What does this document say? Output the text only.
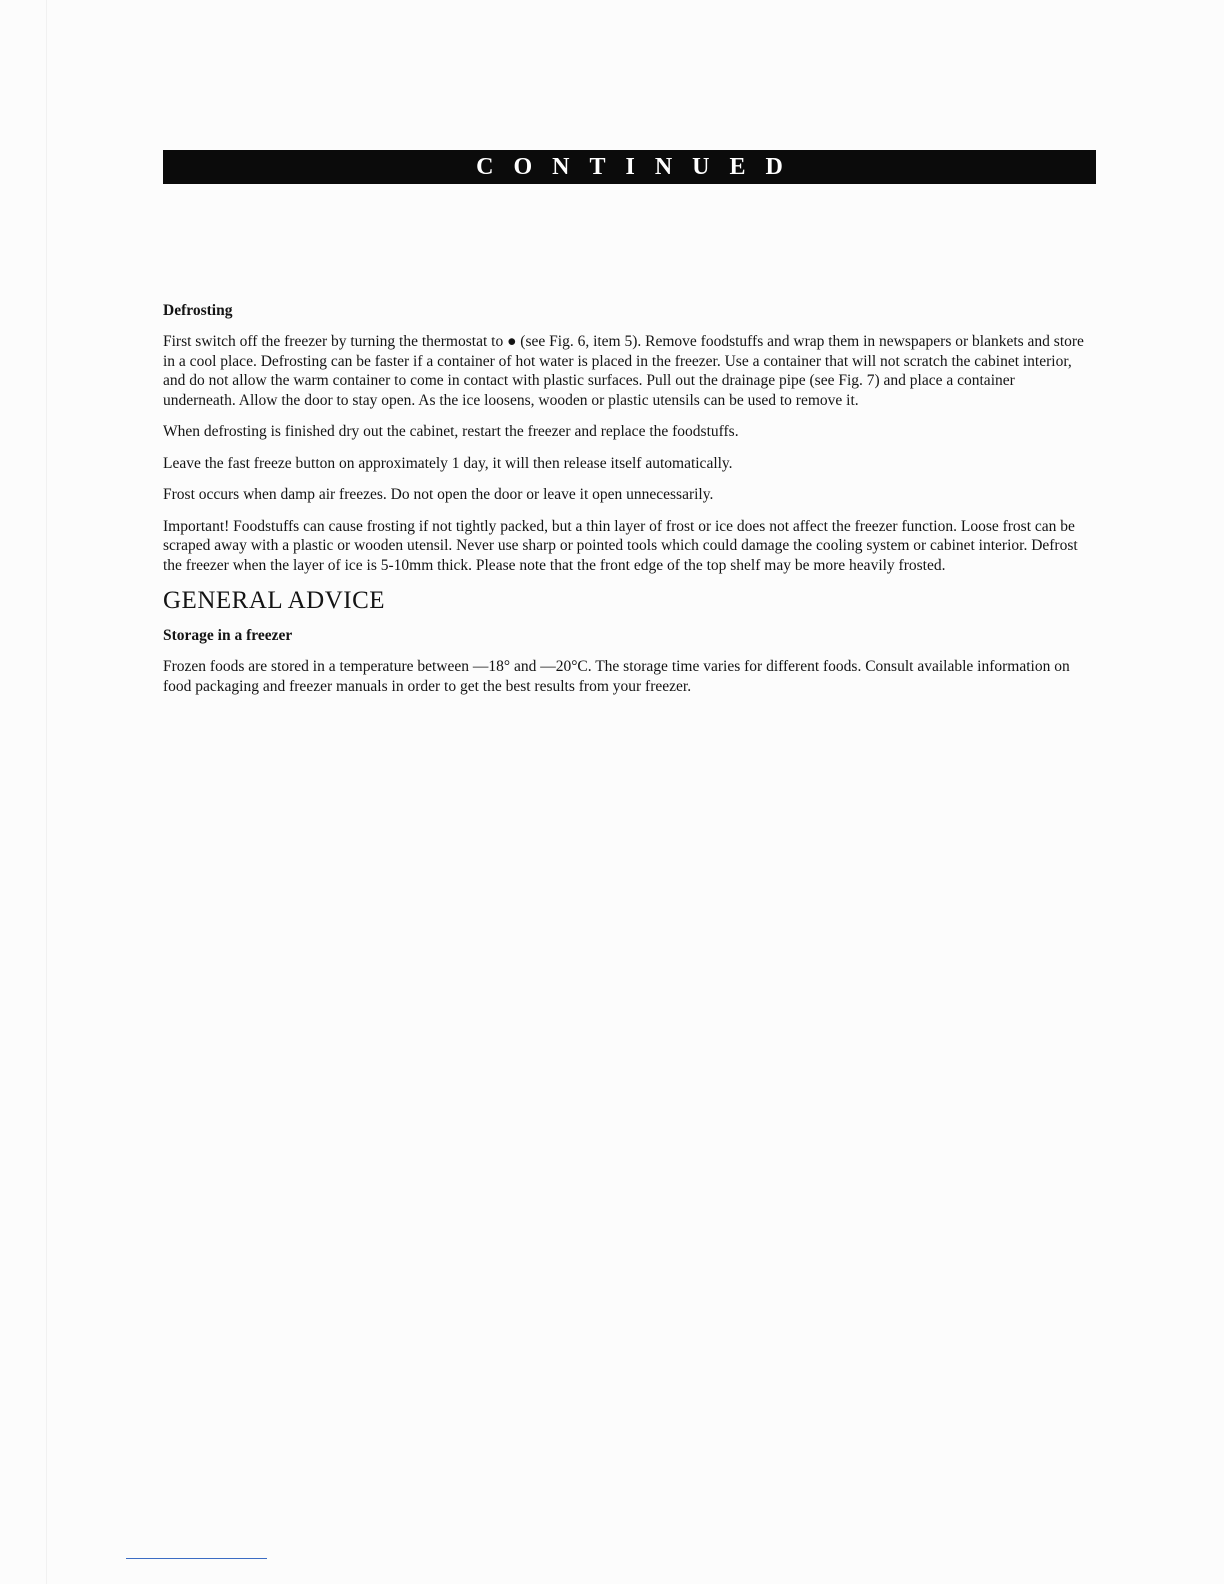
CONTINUED
Defrosting

First switch off the freezer by turning the thermostat to ● (see Fig. 6, item 5). Remove foodstuffs and wrap them in newspapers or blankets and store in a cool place. Defrosting can be faster if a container of hot water is placed in the freezer. Use a container that will not scratch the cabinet interior, and do not allow the warm container to come in contact with plastic surfaces. Pull out the drainage pipe (see Fig. 7) and place a container underneath. Allow the door to stay open. As the ice loosens, wooden or plastic utensils can be used to remove it.

When defrosting is finished dry out the cabinet, restart the freezer and replace the foodstuffs.

Leave the fast freeze button on approximately 1 day, it will then release itself automatically.

Frost occurs when damp air freezes. Do not open the door or leave it open unnecessarily.

Important! Foodstuffs can cause frosting if not tightly packed, but a thin layer of frost or ice does not affect the freezer function. Loose frost can be scraped away with a plastic or wooden utensil. Never use sharp or pointed tools which could damage the cooling system or cabinet interior. Defrost the freezer when the layer of ice is 5-10mm thick. Please note that the front edge of the top shelf may be more heavily frosted.

GENERAL ADVICE
Storage in a freezer

Frozen foods are stored in a temperature between —18° and —20°C. The storage time varies for different foods. Consult available information on food packaging and freezer manuals in order to get the best results from your freezer.
